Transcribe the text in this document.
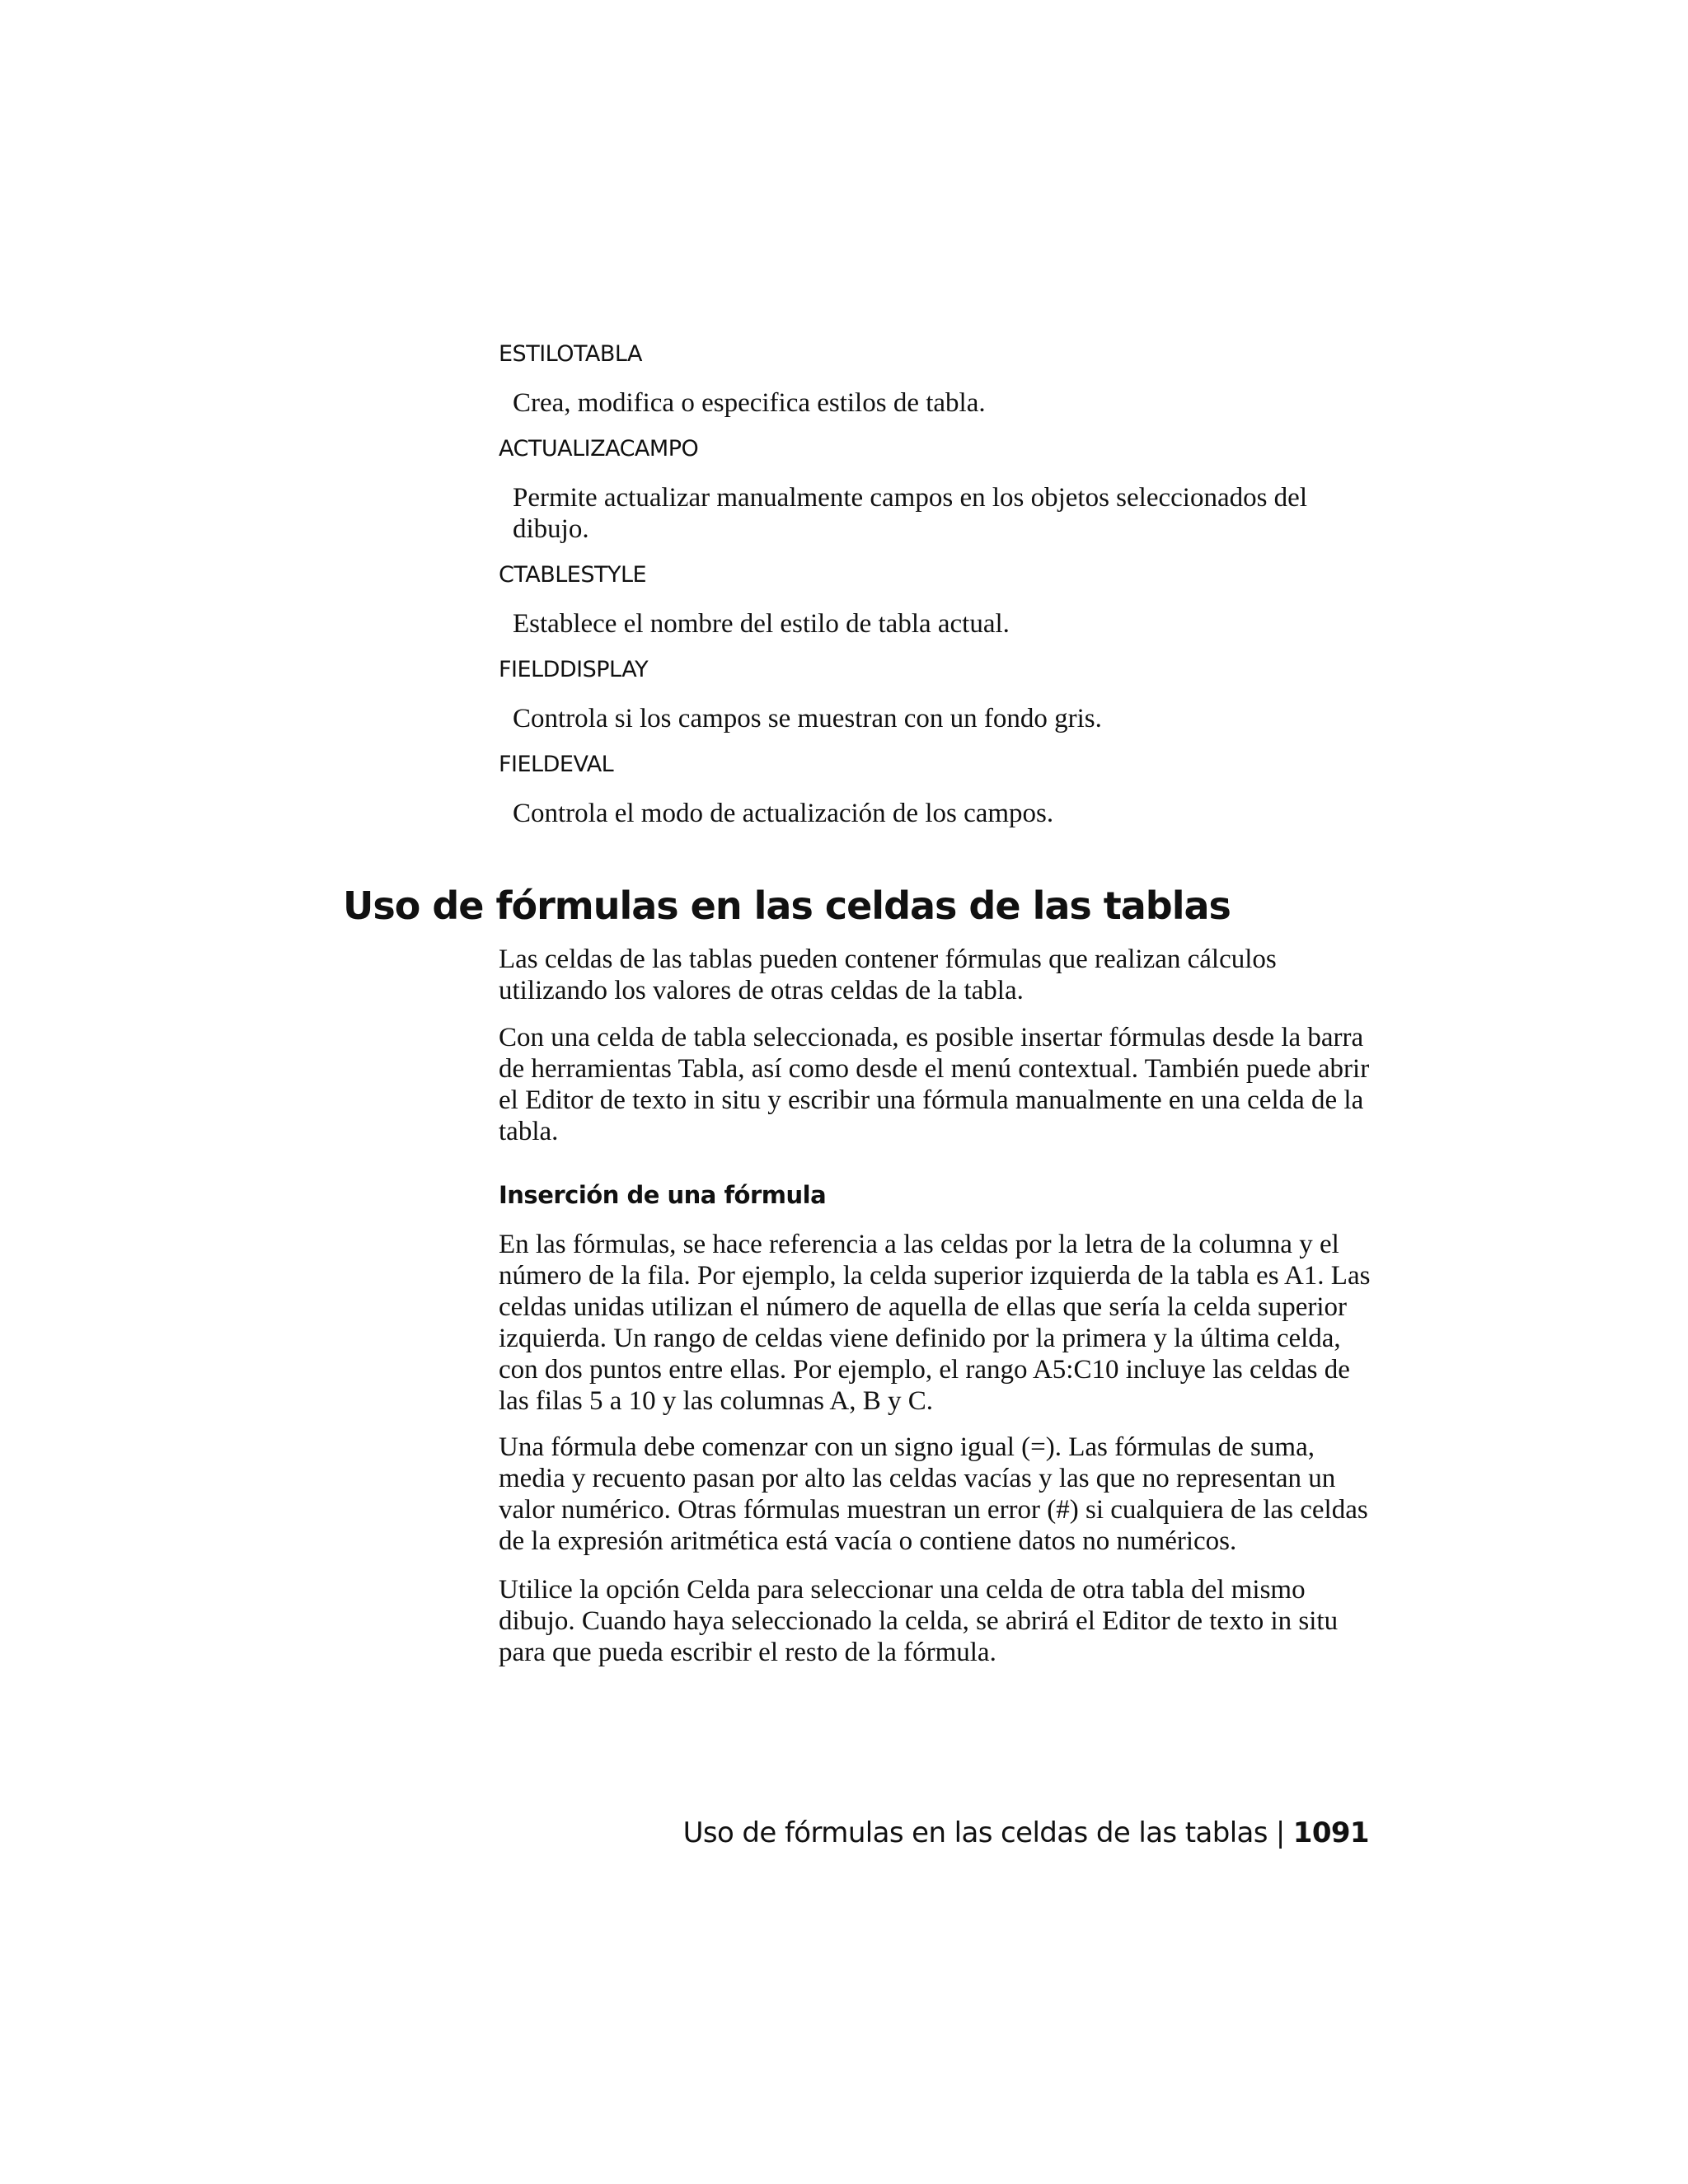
ESTILOTABLA
Crea, modifica o especifica estilos de tabla.
ACTUALIZACAMPO
Permite actualizar manualmente campos en los objetos seleccionados del dibujo.
CTABLESTYLE
Establece el nombre del estilo de tabla actual.
FIELDDISPLAY
Controla si los campos se muestran con un fondo gris.
FIELDEVAL
Controla el modo de actualización de los campos.
Uso de fórmulas en las celdas de las tablas
Las celdas de las tablas pueden contener fórmulas que realizan cálculos utilizando los valores de otras celdas de la tabla.
Con una celda de tabla seleccionada, es posible insertar fórmulas desde la barra de herramientas Tabla, así como desde el menú contextual. También puede abrir el Editor de texto in situ y escribir una fórmula manualmente en una celda de la tabla.
Inserción de una fórmula
En las fórmulas, se hace referencia a las celdas por la letra de la columna y el número de la fila. Por ejemplo, la celda superior izquierda de la tabla es A1. Las celdas unidas utilizan el número de aquella de ellas que sería la celda superior izquierda. Un rango de celdas viene definido por la primera y la última celda, con dos puntos entre ellas. Por ejemplo, el rango A5:C10 incluye las celdas de las filas 5 a 10 y las columnas A, B y C.
Una fórmula debe comenzar con un signo igual (=). Las fórmulas de suma, media y recuento pasan por alto las celdas vacías y las que no representan un valor numérico. Otras fórmulas muestran un error (#) si cualquiera de las celdas de la expresión aritmética está vacía o contiene datos no numéricos.
Utilice la opción Celda para seleccionar una celda de otra tabla del mismo dibujo. Cuando haya seleccionado la celda, se abrirá el Editor de texto in situ para que pueda escribir el resto de la fórmula.
Uso de fórmulas en las celdas de las tablas | 1091
